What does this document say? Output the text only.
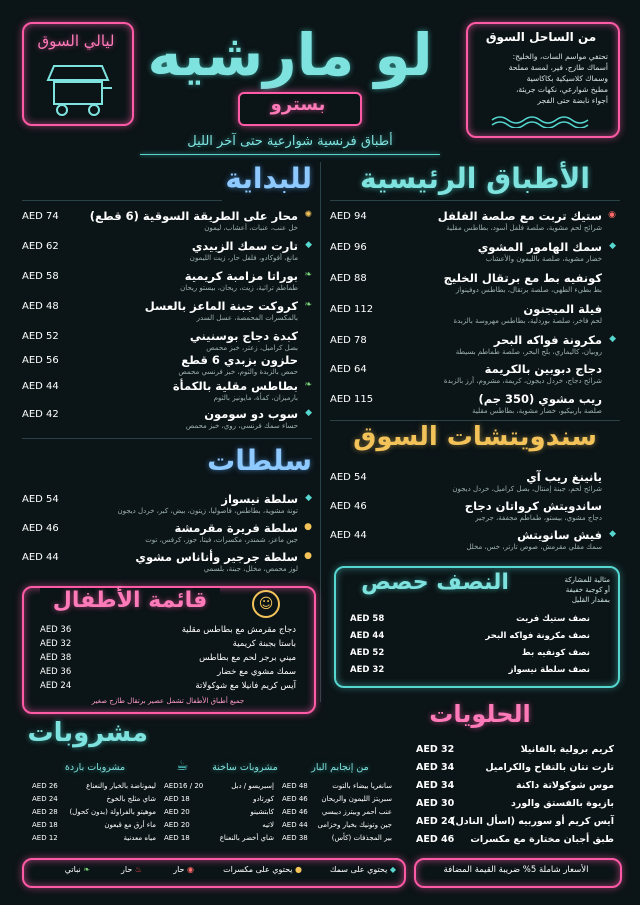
ليالي السوق لو مارشيه
بسترو
أطباق فرنسية شوارعية حتى آخر الليل
من الساحل السوق
تحتفي مواسم السات، والخليج:
أسماك طازج، فير، لمسة مملحة
وسماك كلاسيكية بكاكاسية
مطبخ شوارعي، نكهات جريئة،
أجواء نابضة حتى الفجر
للبداية
✺
محار على الطريقة السوقية (6 قطع)
خل عنب، عنبات، أعشاب، ليمون
AED 74
◆
تارت سمك الزبيدي
مانغ، أفوكادو، فلفل حار، زيت الليمون
AED 62
❧
بوراتا مزامبة كريمية
طماطم تراثية، زيت، ريحان، بيستو ريحان
AED 58
❧
كروكت جبنة الماعز بالعسل
بالمكسرات المحمصة، عسل السدر
AED 48
كبدة دجاج بوسنيني
بصل كراميل، زعتر، خبز محمص
AED 52
حلزون بزبدي 6 قطع
حمص بالزبدة والثوم، خبز فرنسي محمص
AED 56
❧
بطاطس مقلية بالكمأة
بارميزان، كمأة، مايونيز بالثوم
AED 44
◆
سوب دو سومون
حساء سمك فرنسي، روي، خبز محمص
AED 42
سلطات
◆
سلطة نيسواز
تونة مشوية، بطاطس، فاصوليا، زيتون، بيض، كبر، خردل ديجون
AED 54
●
سلطة فريرة مقرمشة
جبن ماعز، شمندر، مكسرات، فيتا، جوز، كرفس، توت
AED 46
●
سلطة جرجير وأناناس مشوي
لوز محمص، مخلل، جبنة، بلسمي
AED 44
قائمة الأطفال	☺
دجاج مقرمش مع بطاطس مقلية
AED 36
باستا بجبنة كريمية
AED 32
ميني برجر لحم مع بطاطس
AED 38
سمك مشوي مع خضار
AED 36
آيس كريم فانيلا مع شوكولاتة
AED 24
جميع أطباق الأطفال تشمل عصير برتقال طازج صغير
الأطباق الرئيسية
◉
ستيك تربت مع صلصة الفلفل
شرائح لحم مشوية، صلصة فلفل أسود، بطاطس مقلية
AED 94
◆
سمك الهامور المشوي
خضار مشوية، صلصة بالليمون والأعشاب
AED 96
كونفيه بط مع برتقال الخليج
بط بطيء الطهي، صلصة برتقال، بطاطس دوفينواز
AED 88
فيلة الميجنون
لحم فاخر، صلصة بوردلية، بطاطس مهروسة بالزبدة
AED 112
◆
مكرونة فواكه البحر
روبيان، كاليماري، بلح البحر، صلصة طماطم بسيطة
AED 78
دجاج دبوبين بالكريمة
شرائح دجاج، خردل ديجون، كريمة، مشروم، أرز بالزبدة
AED 64
ريب مشوي (350 جم)
صلصة باربيكيو، خضار مشوية، بطاطس مقلية
AED 115
سندويتشات السوق
يانينغ ريب آي
شرائح لحم، جبنة إمنتال، بصل كراميل، خردل ديجون
AED 54
ساندويتش كرواتان دجاج
دجاج مشوي، بيستو، طماطم مجففة، جرجير
AED 46
◆
فيش سانويتش
سمك مقلي مقرمش، صوص تارتر، خس، مخلل
AED 44
النصف حصص	مثالية للمشاركة
أو كوجبة خفيفة
بمقدار القليل
نصف ستيك فريت
AED 58
نصف مكرونة فواكه البحر
AED 44
نصف كونفيه بط
AED 52
نصف سلطة نيسواز
AED 32
مشروبات
من إنجابم البار
مشروبات ساخنة
☕
مشروبات باردة
سانغريا بيضاء بالتوت
AED 48
سبريتز الليمون والريحان
AED 46
عنب أحمر وبيترز ديبسي
AED 46
جين وتونيك بخيار وخزامى
AED 44
بير المجذفات (كأس)
AED 38
إسبريسو / دبل
AED16 / 20
كورتادو
AED 18
كابتشينو
AED 20
لاتيه
AED 20
شاي أخضر بالنعناع
AED 18
ليموناضة بالخيار والنعناع
AED 26
شاي مثلج بالخوخ
AED 24
موهيتو بالفراولة (بدون كحول)
AED 28
ماء أرق مع قبعون
AED 18
مياه معدنية
AED 12
الحلويات
كريم برولية بالفانيلا
AED 32
تارت تتان بالتفاح والكراميل
AED 34
موس شوكولاتة داكنة
AED 34
بازيوة بالفستق والورد
AED 30
آيس كريم أو سوربيه (اسأل النادل)
AED 24
طبق أجبان مختارة مع مكسرات
AED 46
◆ يحتوي على سمك
● يحتوي على مكسرات
◉ حار
♨ حار
❧ نباتي	الأسعار شاملة 5% ضريبة القيمة المضافة
